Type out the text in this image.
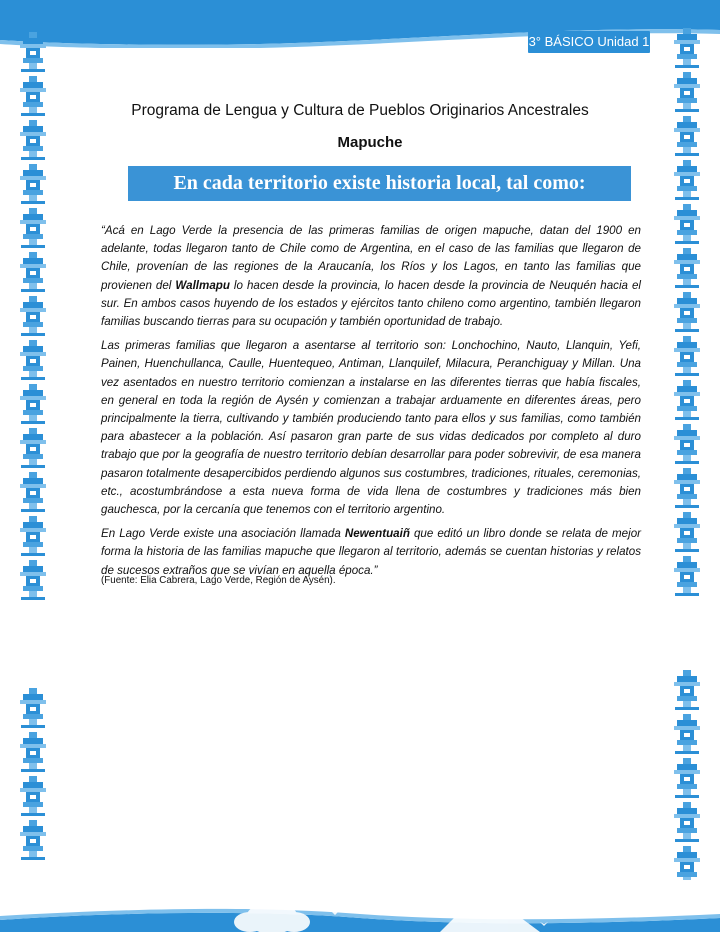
3° BÁSICO Unidad 1
Programa de Lengua y Cultura de Pueblos Originarios Ancestrales
Mapuche
En cada territorio existe historia local, tal como:

“Acá en Lago Verde la presencia de las primeras familias de origen mapuche, datan del 1900 en adelante, todas llegaron tanto de Chile como de Argentina, en el caso de las familias que llegaron de Chile, provenían de las regiones de la Araucanía, los Ríos y los Lagos, en tanto las familias que provienen del Wallmapu lo hacen desde la provincia, lo hacen desde la provincia de Neuquén hacia el sur. En ambos casos huyendo de los estados y ejércitos tanto chileno como argentino, también llegaron familias buscando tierras para su ocupación y también oportunidad de trabajo.

Las primeras familias que llegaron a asentarse al territorio son: Lonchochino, Nauto, Llanquin, Yefi, Painen, Huenchullanca, Caulle, Huentequeo, Antiman, Llanquilef, Milacura, Peranchiguay y Millan. Una vez asentados en nuestro territorio comienzan a instalarse en las diferentes tierras que había fiscales, en general en toda la región de Aysén y comienzan a trabajar arduamente en diferentes áreas, pero principalmente la tierra, cultivando y también produciendo tanto para ellos y sus familias, como también para abastecer a la población. Así pasaron gran parte de sus vidas dedicados por completo al duro trabajo que por la geografía de nuestro territorio debían desarrollar para poder sobrevivir, de esa manera pasaron totalmente desapercibidos perdiendo algunos sus costumbres, tradiciones, rituales, ceremonias, etc., acostumbrándose a esta nueva forma de vida llena de costumbres y tradiciones más bien gauchesca, por la cercanía que tenemos con el territorio argentino.

En Lago Verde existe una asociación llamada Newentuaiñ que editó un libro donde se relata de mejor forma la historia de las familias mapuche que llegaron al territorio, además se cuentan historias y relatos de sucesos extraños que se vivían en aquella época.”

(Fuente: Elia Cabrera, Lago Verde, Región de Aysén).
